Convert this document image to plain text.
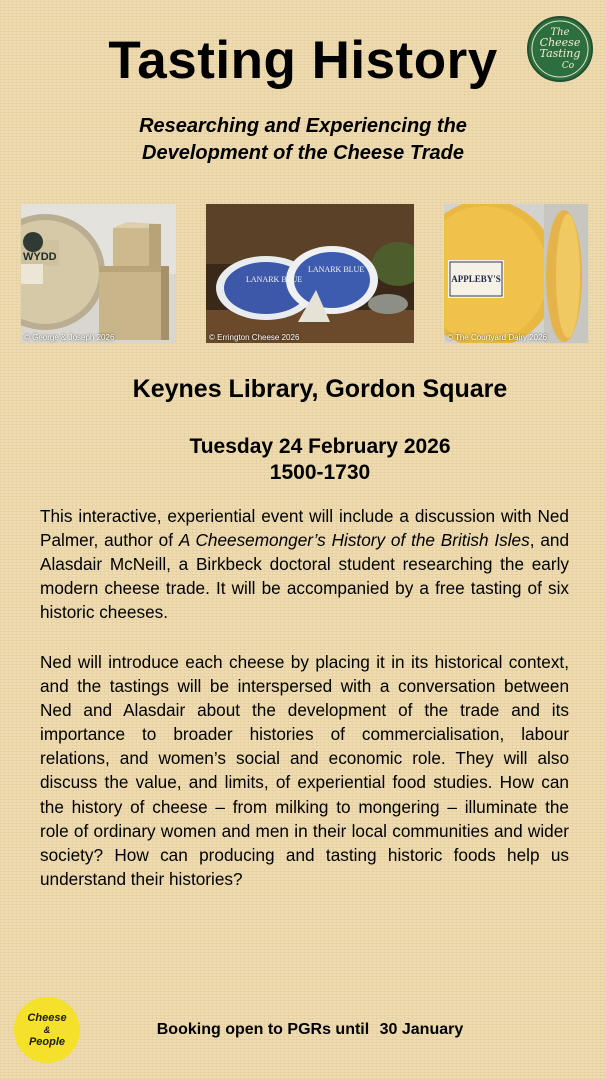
Tasting History	The
Cheese
Tasting
Co
Researching and Experiencing the
Development of the Cheese Trade
WYDD
© George & Joseph 2026
LANARK BLUE
LANARK BLUE
© Errington Cheese 2026
APPLEBY'S
© The Courtyard Dairy 2026
Keynes Library, Gordon Square
Tuesday 24 February 2026
1500-1730
This interactive, experiential event will include a discussion with Ned Palmer, author of A Cheesemonger’s History of the British Isles, and Alasdair McNeill, a Birkbeck doctoral student researching the early modern cheese trade. It will be accompanied by a free tasting of six historic cheeses.
Ned will introduce each cheese by placing it in its historical context, and the tastings will be interspersed with a conversation between Ned and Alasdair about the development of the trade and its importance to broader histories of commercialisation, labour relations, and women’s social and economic role. They will also discuss the value, and limits, of experiential food studies. How can the history of cheese – from milking to mongering – illuminate the role of ordinary women and men in their local communities and wider society? How can producing and tasting historic foods help us understand their histories?
Cheese
&
People
Booking open to PGRs until 30 January
